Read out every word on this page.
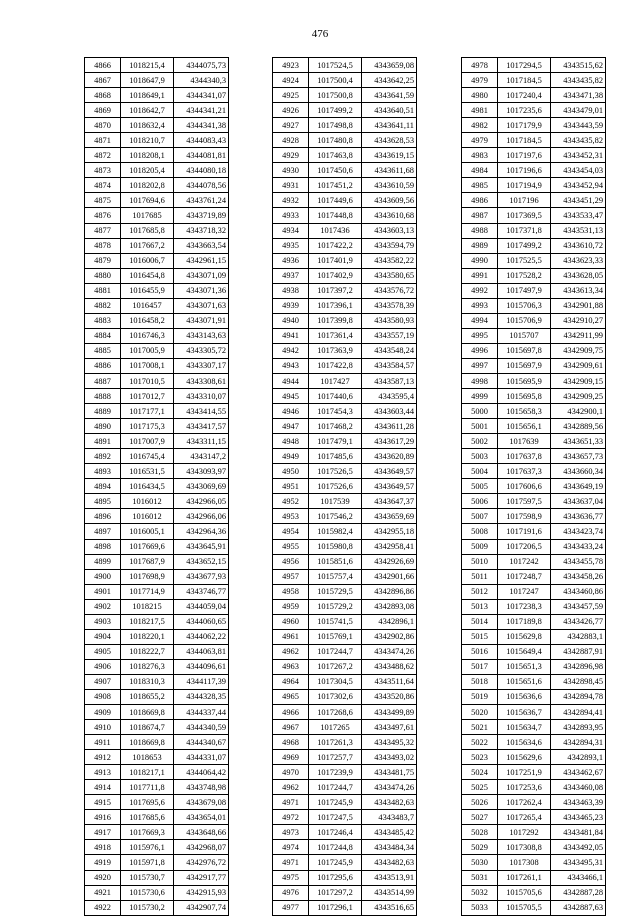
476
4866	1018215,4	4344075,73
4867	1018647,9	4344340,3
4868	1018649,1	4344341,07
4869	1018642,7	4344341,21
4870	1018632,4	4344341,38
4871	1018210,7	4344083,43
4872	1018208,1	4344081,81
4873	1018205,4	4344080,18
4874	1018202,8	4344078,56
4875	1017694,6	4343761,24
4876	1017685	4343719,89
4877	1017685,8	4343718,32
4878	1017667,2	4343663,54
4879	1016006,7	4342961,15
4880	1016454,8	4343071,09
4881	1016455,9	4343071,36
4882	1016457	4343071,63
4883	1016458,2	4343071,91
4884	1016746,3	4343143,63
4885	1017005,9	4343305,72
4886	1017008,1	4343307,17
4887	1017010,5	4343308,61
4888	1017012,7	4343310,07
4889	1017177,1	4343414,55
4890	1017175,3	4343417,57
4891	1017007,9	4343311,15
4892	1016745,4	4343147,2
4893	1016531,5	4343093,97
4894	1016434,5	4343069,69
4895	1016012	4342966,05
4896	1016012	4342966,06
4897	1016005,1	4342964,36
4898	1017669,6	4343645,91
4899	1017687,9	4343652,15
4900	1017698,9	4343677,93
4901	1017714,9	4343746,77
4902	1018215	4344059,04
4903	1018217,5	4344060,65
4904	1018220,1	4344062,22
4905	1018222,7	4344063,81
4906	1018276,3	4344096,61
4907	1018310,3	4344117,39
4908	1018655,2	4344328,35
4909	1018669,8	4344337,44
4910	1018674,7	4344340,59
4911	1018669,8	4344340,67
4912	1018653	4344331,07
4913	1018217,1	4344064,42
4914	1017711,8	4343748,98
4915	1017695,6	4343679,08
4916	1017685,6	4343654,01
4917	1017669,3	4343648,66
4918	1015976,1	4342968,07
4919	1015971,8	4342976,72
4920	1015730,7	4342917,77
4921	1015730,6	4342915,93
4922	1015730,2	4342907,74
4923	1017524,5	4343659,08
4924	1017500,4	4343642,25
4925	1017500,8	4343641,59
4926	1017499,2	4343640,51
4927	1017498,8	4343641,11
4928	1017480,8	4343628,53
4929	1017463,8	4343619,15
4930	1017450,6	4343611,68
4931	1017451,2	4343610,59
4932	1017449,6	4343609,56
4933	1017448,8	4343610,68
4934	1017436	4343603,13
4935	1017422,2	4343594,79
4936	1017401,9	4343582,22
4937	1017402,9	4343580,65
4938	1017397,2	4343576,72
4939	1017396,1	4343578,39
4940	1017399,8	4343580,93
4941	1017361,4	4343557,19
4942	1017363,9	4343548,24
4943	1017422,8	4343584,57
4944	1017427	4343587,13
4945	1017440,6	4343595,4
4946	1017454,3	4343603,44
4947	1017468,2	4343611,28
4948	1017479,1	4343617,29
4949	1017485,6	4343620,89
4950	1017526,5	4343649,57
4951	1017526,6	4343649,57
4952	1017539	4343647,37
4953	1017546,2	4343659,69
4954	1015982,4	4342955,18
4955	1015980,8	4342958,41
4956	1015851,6	4342926,69
4957	1015757,4	4342901,66
4958	1015729,5	4342896,86
4959	1015729,2	4342893,08
4960	1015741,5	4342896,1
4961	1015769,1	4342902,86
4962	1017244,7	4343474,26
4963	1017267,2	4343488,62
4964	1017304,5	4343511,64
4965	1017302,6	4343520,86
4966	1017268,6	4343499,89
4967	1017265	4343497,61
4968	1017261,3	4343495,32
4969	1017257,7	4343493,02
4970	1017239,9	4343481,75
4962	1017244,7	4343474,26
4971	1017245,9	4343482,63
4972	1017247,5	4343483,7
4973	1017246,4	4343485,42
4974	1017244,8	4343484,34
4971	1017245,9	4343482,63
4975	1017295,6	4343513,91
4976	1017297,2	4343514,99
4977	1017296,1	4343516,65
4978	1017294,5	4343515,62
4979	1017184,5	4343435,82
4980	1017240,4	4343471,38
4981	1017235,6	4343479,01
4982	1017179,9	4343443,59
4979	1017184,5	4343435,82
4983	1017197,6	4343452,31
4984	1017196,6	4343454,03
4985	1017194,9	4343452,94
4986	1017196	4343451,29
4987	1017369,5	4343533,47
4988	1017371,8	4343531,13
4989	1017499,2	4343610,72
4990	1017525,5	4343623,33
4991	1017528,2	4343628,05
4992	1017497,9	4343613,34
4993	1015706,3	4342901,88
4994	1015706,9	4342910,27
4995	1015707	4342911,99
4996	1015697,8	4342909,75
4997	1015697,9	4342909,61
4998	1015695,9	4342909,15
4999	1015695,8	4342909,25
5000	1015658,3	4342900,1
5001	1015656,1	4342889,56
5002	1017639	4343651,33
5003	1017637,8	4343657,73
5004	1017637,3	4343660,34
5005	1017606,6	4343649,19
5006	1017597,5	4343637,04
5007	1017598,9	4343636,77
5008	1017191,6	4343423,74
5009	1017206,5	4343433,24
5010	1017242	4343455,78
5011	1017248,7	4343458,26
5012	1017247	4343460,86
5013	1017238,3	4343457,59
5014	1017189,8	4343426,77
5015	1015629,8	4342883,1
5016	1015649,4	4342887,91
5017	1015651,3	4342896,98
5018	1015651,6	4342898,45
5019	1015636,6	4342894,78
5020	1015636,7	4342894,41
5021	1015634,7	4342893,95
5022	1015634,6	4342894,31
5023	1015629,6	4342893,1
5024	1017251,9	4343462,67
5025	1017253,6	4343460,08
5026	1017262,4	4343463,39
5027	1017265,4	4343465,23
5028	1017292	4343481,84
5029	1017308,8	4343492,05
5030	1017308	4343495,31
5031	1017261,1	4343466,1
5032	1015705,6	4342887,28
5033	1015705,5	4342887,63
